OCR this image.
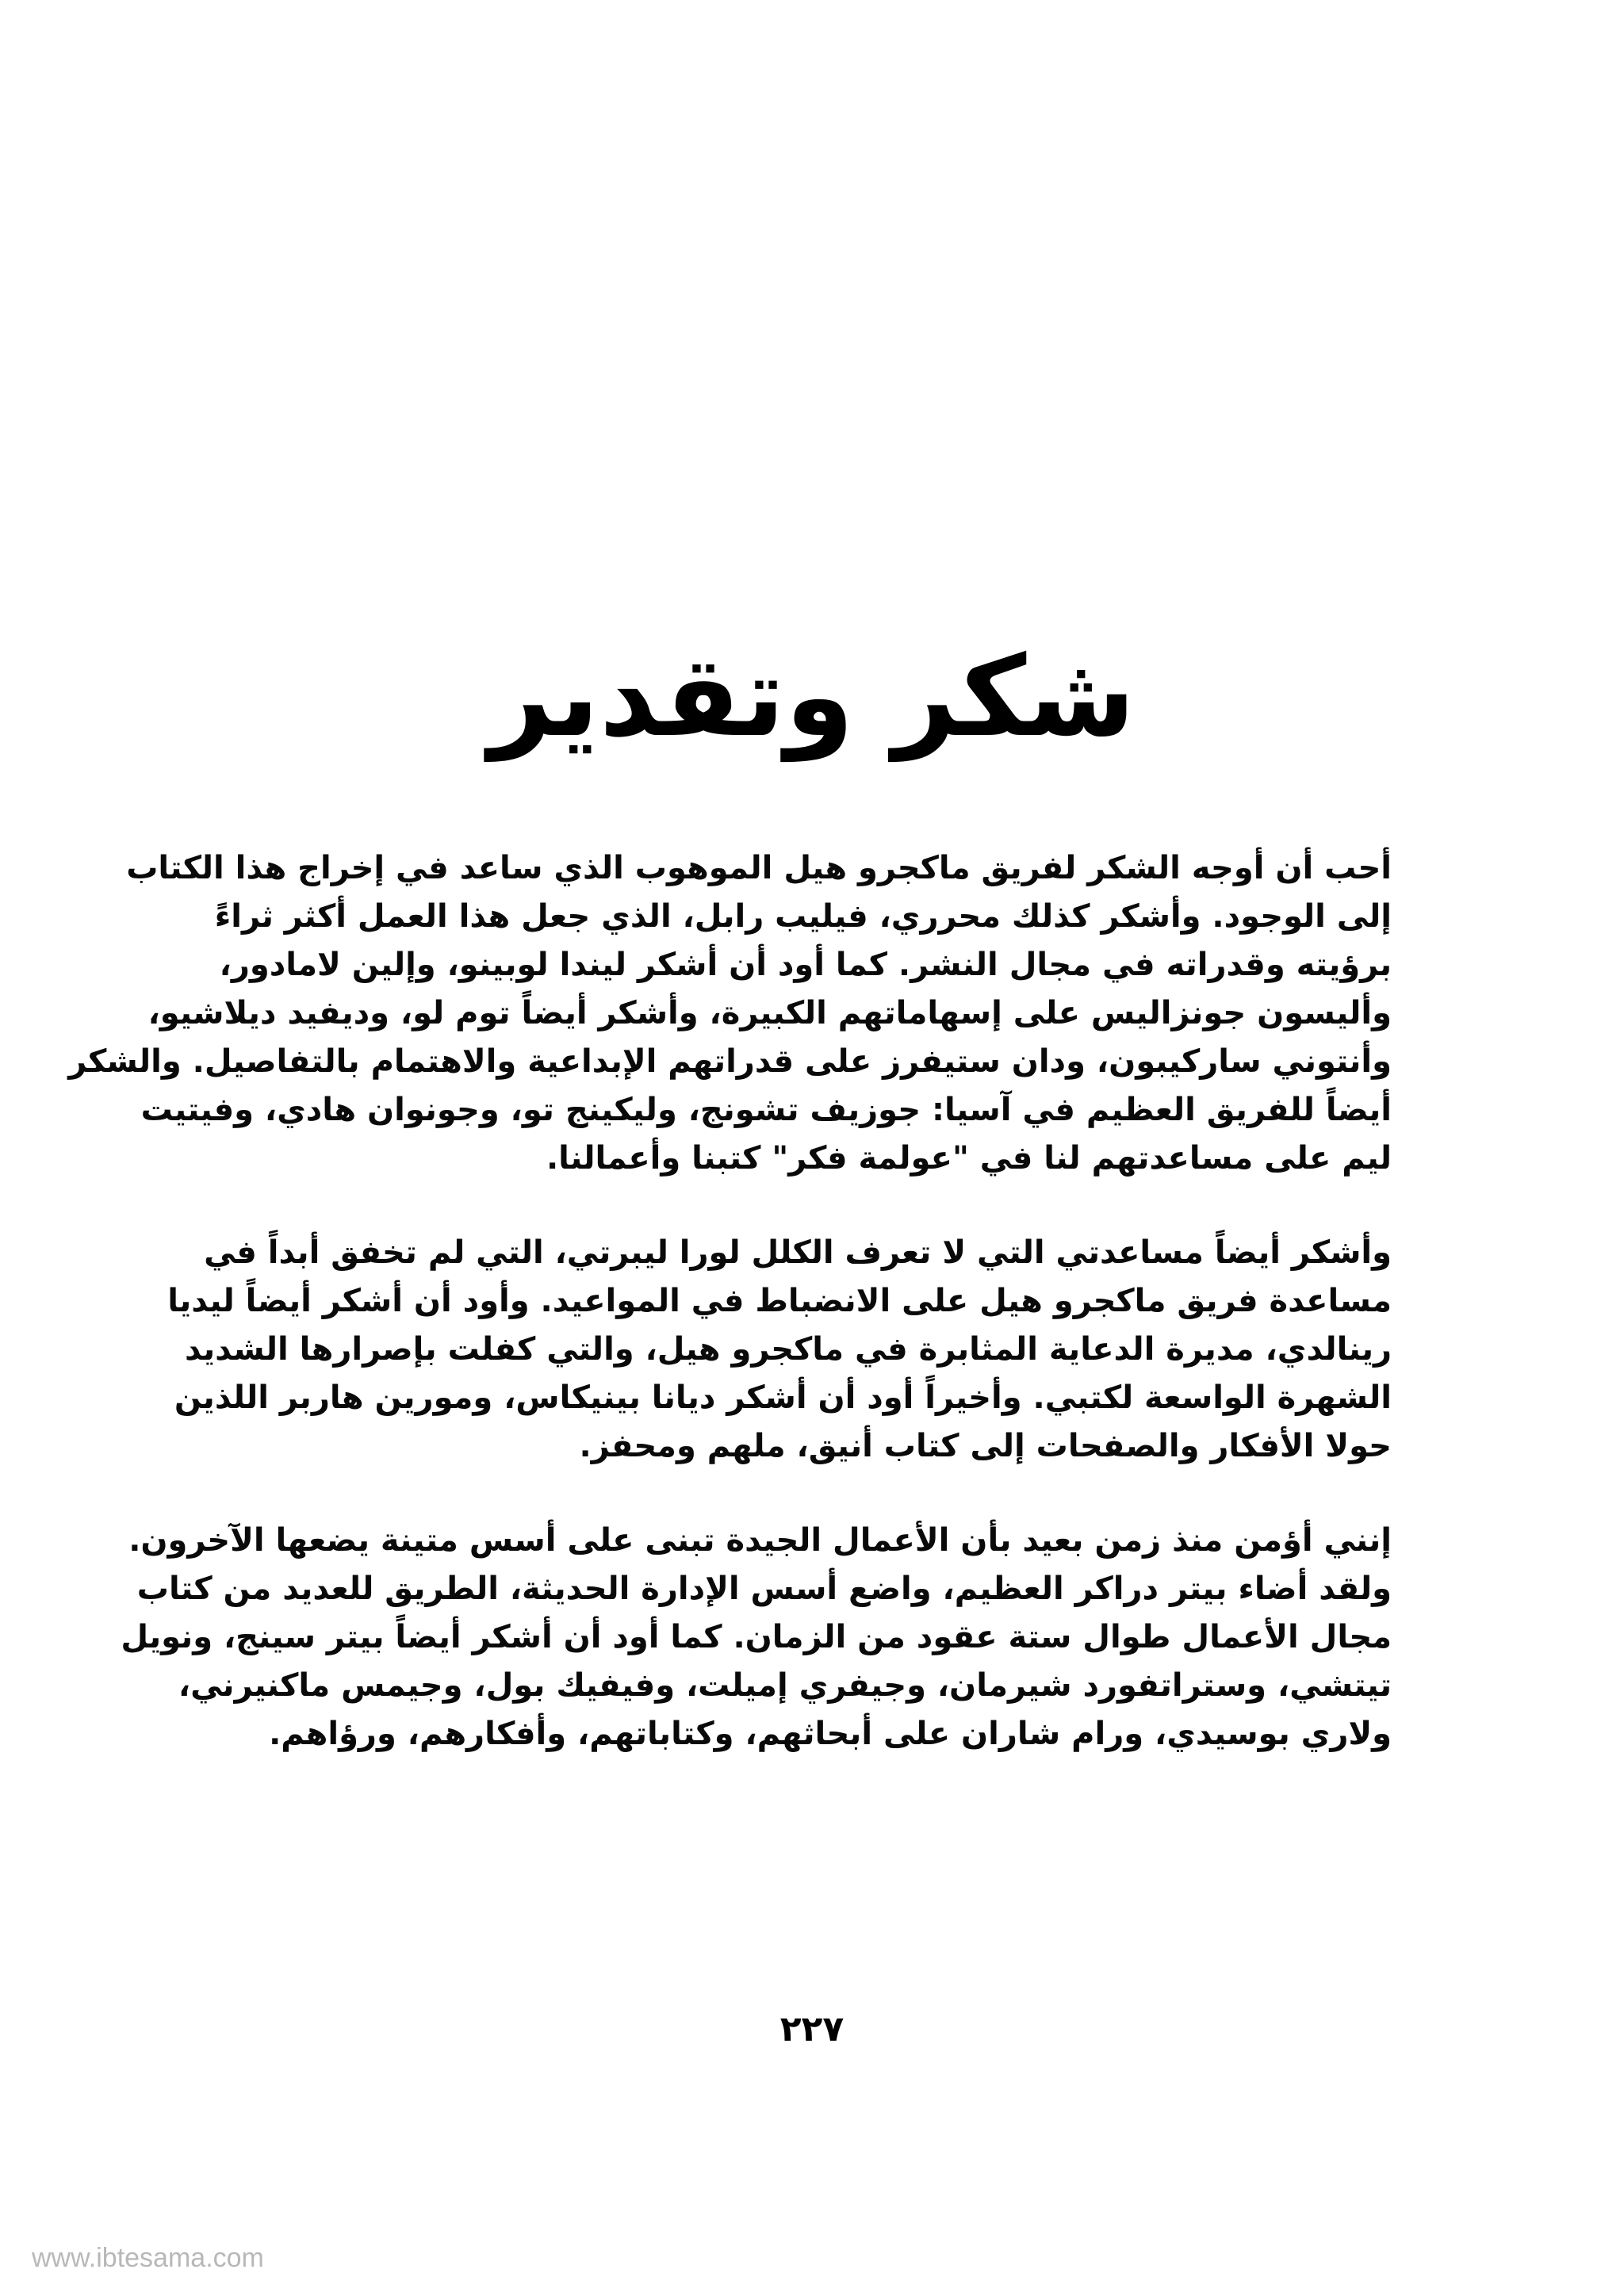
شكر وتقدير
أحب أن أوجه الشكر لفريق ماكجرو هيل الموهوب الذي ساعد في إخراج هذا الكتاب
إلى الوجود. وأشكر كذلك محرري، فيليب رابل، الذي جعل هذا العمل أكثر ثراءً
برؤيته وقدراته في مجال النشر. كما أود أن أشكر ليندا لوبينو، وإلين لامادور،
وأليسون جونزاليس على إسهاماتهم الكبيرة، وأشكر أيضاً توم لو، وديفيد ديلاشيو،
وأنتوني ساركيبون، ودان ستيفرز على قدراتهم الإبداعية والاهتمام بالتفاصيل. والشكر
أيضاً للفريق العظيم في آسيا: جوزيف تشونج، وليكينج تو، وجونوان هادي، وفيتيت
ليم على مساعدتهم لنا في "عولمة فكر" كتبنا وأعمالنا.
وأشكر أيضاً مساعدتي التي لا تعرف الكلل لورا ليبرتي، التي لم تخفق أبداً في
مساعدة فريق ماكجرو هيل على الانضباط في المواعيد. وأود أن أشكر أيضاً ليديا
رينالدي، مديرة الدعاية المثابرة في ماكجرو هيل، والتي كفلت بإصرارها الشديد
الشهرة الواسعة لكتبي. وأخيراً أود أن أشكر ديانا بينيكاس، ومورين هاربر اللذين
حولا الأفكار والصفحات إلى كتاب أنيق، ملهم ومحفز.
إنني أؤمن منذ زمن بعيد بأن الأعمال الجيدة تبنى على أسس متينة يضعها الآخرون.
ولقد أضاء بيتر دراكر العظيم، واضع أسس الإدارة الحديثة، الطريق للعديد من كتاب
مجال الأعمال طوال ستة عقود من الزمان. كما أود أن أشكر أيضاً بيتر سينج، ونويل
تيتشي، وستراتفورد شيرمان، وجيفري إميلت، وفيفيك بول، وجيمس ماكنيرني،
ولاري بوسيدي، ورام شاران على أبحاثهم، وكتاباتهم، وأفكارهم، ورؤاهم.

٢٢٧

www.ibtesama.com
